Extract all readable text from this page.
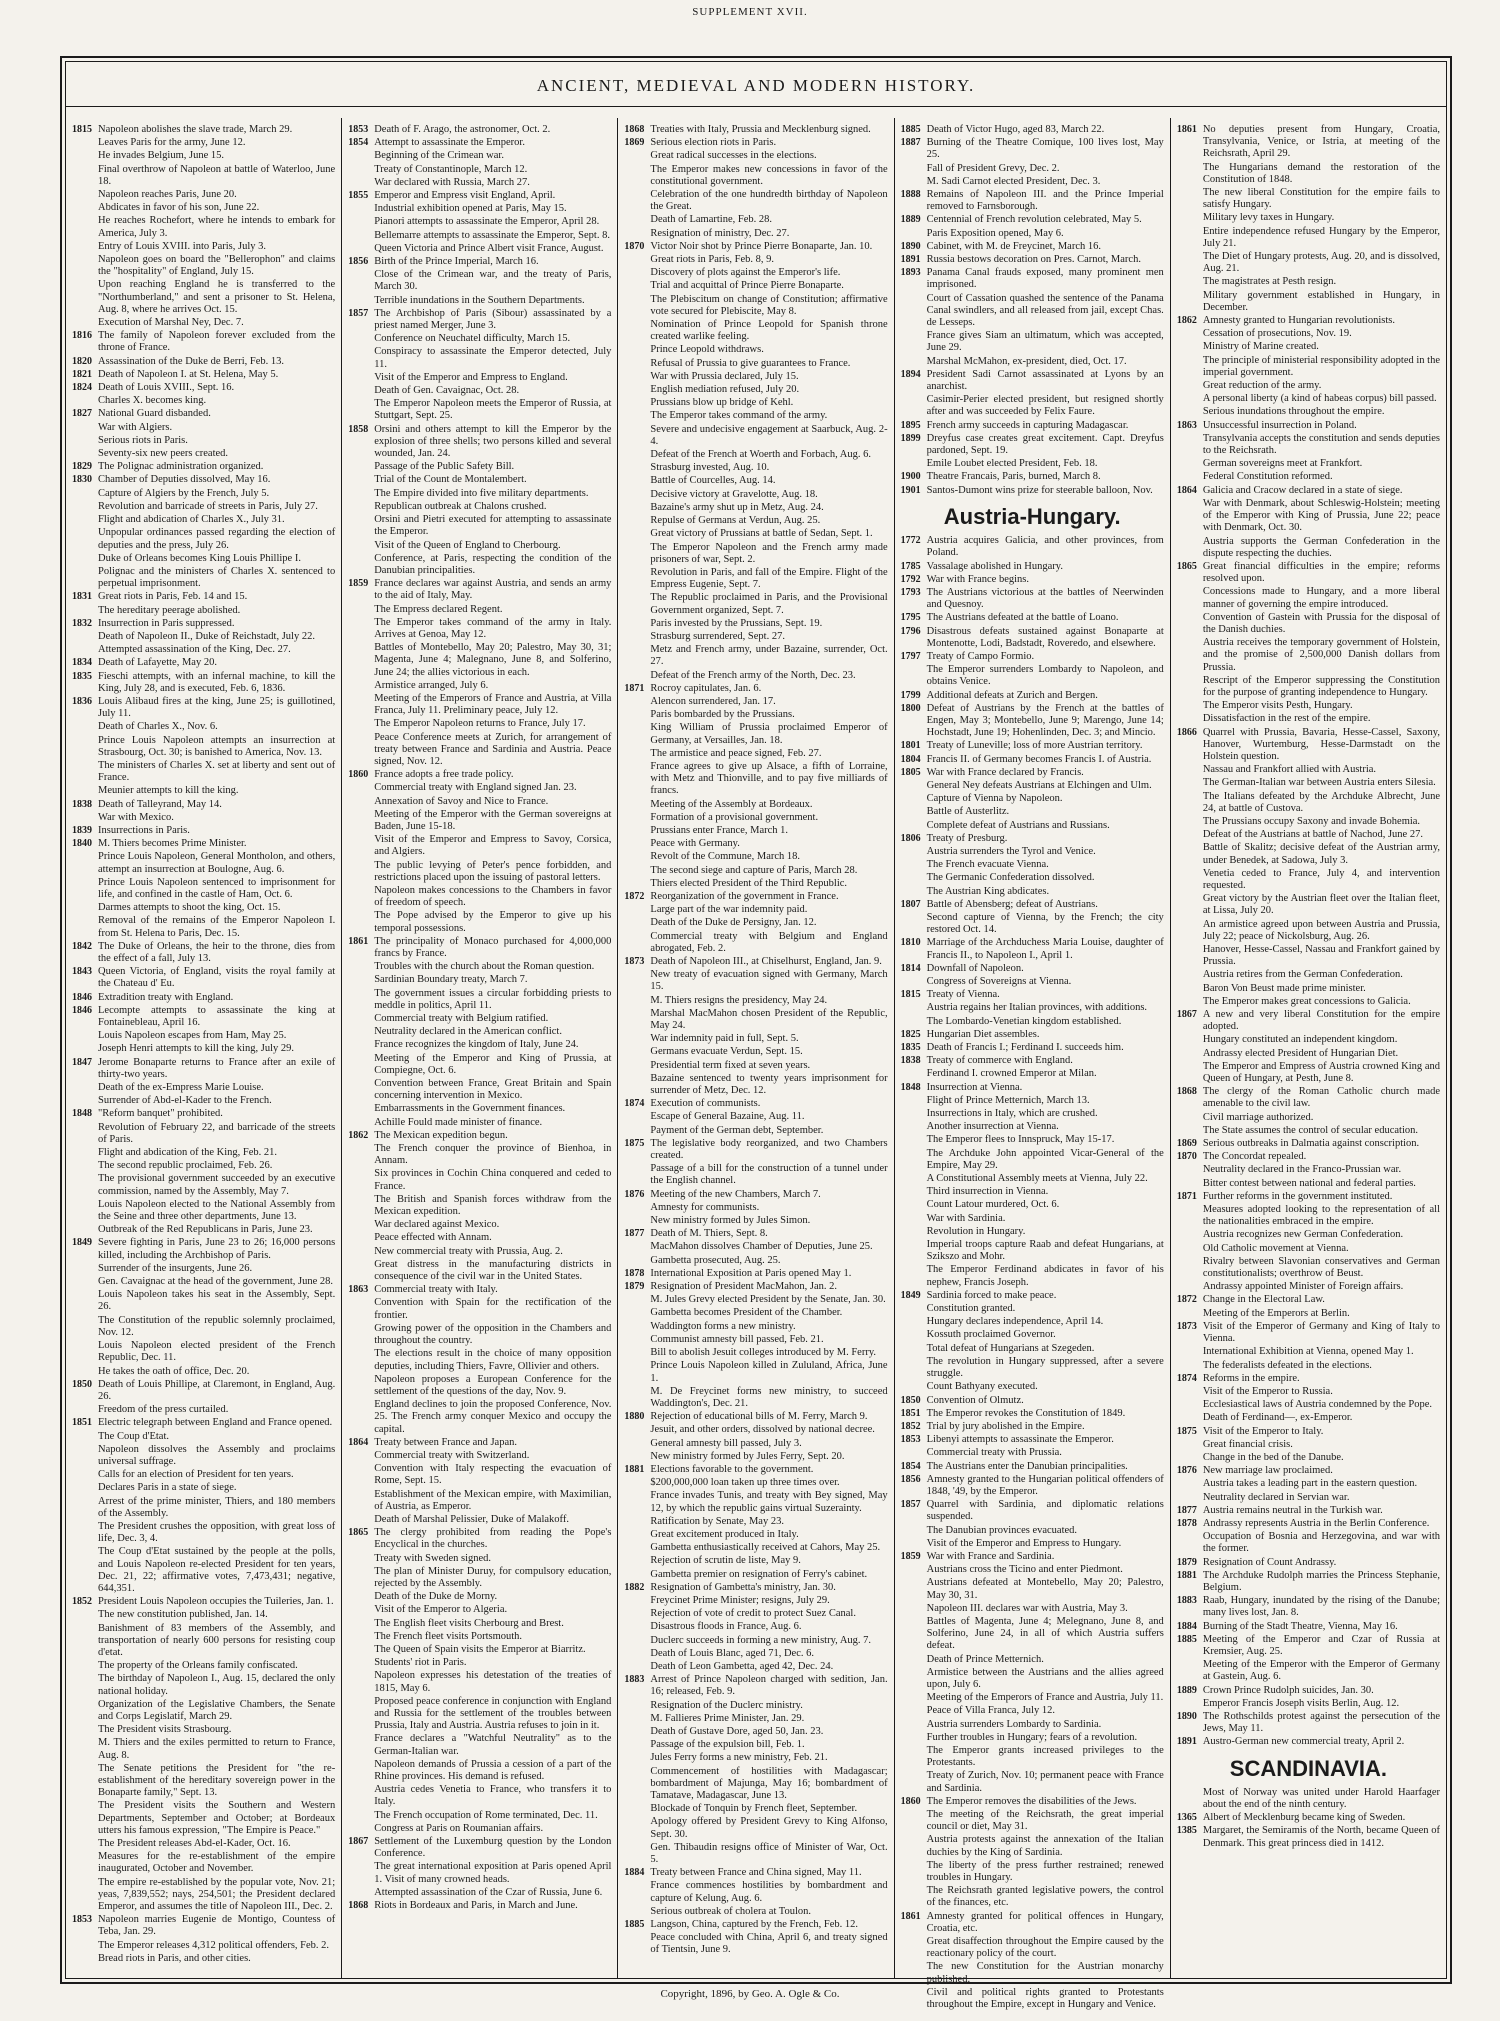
SUPPLEMENT XVII.
ANCIENT, MEDIEVAL AND MODERN HISTORY.
1815 Napoleon abolishes the slave trade, March 29.
Leaves Paris for the army, June 12.
He invades Belgium, June 15.
Final overthrow of Napoleon at battle of Waterloo, June 18.
Napoleon reaches Paris, June 20.
Abdicates in favor of his son, June 22.
He reaches Rochefort, where he intends to embark for America, July 3.
Entry of Louis XVIII. into Paris, July 3.
Napoleon goes on board the "Bellerophon" and claims the "hospitality" of England, July 15.
Upon reaching England he is transferred to the "Northumberland," and sent a prisoner to St. Helena, Aug. 8, where he arrives Oct. 15.
Execution of Marshal Ney, Dec. 7.
1816 The family of Napoleon forever excluded from the throne of France.
1820 Assassination of the Duke de Berri, Feb. 13.
1821 Death of Napoleon I. at St. Helena, May 5.
1824 Death of Louis XVIII., Sept. 16.
Charles X. becomes king.
1827 National Guard disbanded.
War with Algiers.
Serious riots in Paris.
Seventy-six new peers created.
1829 The Polignac administration organized.
1830 Chamber of Deputies dissolved, May 16.
Capture of Algiers by the French, July 5.
Revolution and barricade of streets in Paris, July 27.
Flight and abdication of Charles X., July 31.
Unpopular ordinances passed regarding the election of deputies and the press, July 26.
Duke of Orleans becomes King Louis Phillipe I.
Polignac and the ministers of Charles X. sentenced to perpetual imprisonment.
1831 Great riots in Paris, Feb. 14 and 15.
The hereditary peerage abolished.
1832 Insurrection in Paris suppressed.
Death of Napoleon II., Duke of Reichstadt, July 22.
Attempted assassination of the King, Dec. 27.
1834 Death of Lafayette, May 20.
1835 Fieschi attempts, with an infernal machine, to kill the King, July 28, and is executed, Feb. 6, 1836.
1836 Louis Alibaud fires at the king, June 25; is guillotined, July 11.
Death of Charles X., Nov. 6.
Prince Louis Napoleon attempts an insurrection at Strasbourg, Oct. 30; is banished to America, Nov. 13.
The ministers of Charles X. set at liberty and sent out of France.
Meunier attempts to kill the king.
1838 Death of Talleyrand, May 14.
War with Mexico.
1839 Insurrections in Paris.
1840 M. Thiers becomes Prime Minister.
Prince Louis Napoleon, General Montholon, and others, attempt an insurrection at Boulogne, Aug. 6.
Prince Louis Napoleon sentenced to imprisonment for life, and confined in the castle of Ham, Oct. 6.
Darmes attempts to shoot the king, Oct. 15.
Removal of the remains of the Emperor Napoleon I. from St. Helena to Paris, Dec. 15.
1842 The Duke of Orleans, the heir to the throne, dies from the effect of a fall, July 13.
1843 Queen Victoria, of England, visits the royal family at the Chateau d' Eu.
1846 Extradition treaty with England.
1846 Lecompte attempts to assassinate the king at Fontainebleau, April 16.
Louis Napoleon escapes from Ham, May 25.
Joseph Henri attempts to kill the king, July 29.
1847 Jerome Bonaparte returns to France after an exile of thirty-two years.
Death of the ex-Empress Marie Louise.
Surrender of Abd-el-Kader to the French.
1848 "Reform banquet" prohibited.
Revolution of February 22, and barricade of the streets of Paris.
Flight and abdication of the King, Feb. 21.
The second republic proclaimed, Feb. 26.
The provisional government succeeded by an executive commission, named by the Assembly, May 7.
Louis Napoleon elected to the National Assembly from the Seine and three other departments, June 13.
Outbreak of the Red Republicans in Paris, June 23.
1849 Severe fighting in Paris, June 23 to 26; 16,000 persons killed, including the Archbishop of Paris.
Surrender of the insurgents, June 26.
Gen. Cavaignac at the head of the government, June 28.
Louis Napoleon takes his seat in the Assembly, Sept. 26.
The Constitution of the republic solemnly proclaimed, Nov. 12.
Louis Napoleon elected president of the French Republic, Dec. 11.
He takes the oath of office, Dec. 20.
1850 Death of Louis Phillipe, at Claremont, in England, Aug. 26.
Freedom of the press curtailed.
1851 Electric telegraph between England and France opened.
The Coup d'Etat.
Napoleon dissolves the Assembly and proclaims universal suffrage.
Calls for an election of President for ten years.
Declares Paris in a state of siege.
Arrest of the prime minister, Thiers, and 180 members of the Assembly.
The President crushes the opposition, with great loss of life, Dec. 3, 4.
The Coup d'Etat sustained by the people at the polls, and Louis Napoleon re-elected President for ten years, Dec. 21, 22; affirmative votes, 7,473,431; negative, 644,351.
1852 President Louis Napoleon occupies the Tuileries, Jan. 1.
The new constitution published, Jan. 14.
Banishment of 83 members of the Assembly, and transportation of nearly 600 persons for resisting coup d'etat.
The property of the Orleans family confiscated.
The birthday of Napoleon I., Aug. 15, declared the only national holiday.
Organization of the Legislative Chambers, the Senate and Corps Legislatif, March 29.
The President visits Strasbourg.
M. Thiers and the exiles permitted to return to France, Aug. 8.
The Senate petitions the President for "the re-establishment of the hereditary sovereign power in the Bonaparte family," Sept. 13.
The President visits the Southern and Western Departments, September and October; at Bordeaux utters his famous expression, "The Empire is Peace."
The President releases Abd-el-Kader, Oct. 16.
Measures for the re-establishment of the empire inaugurated, October and November.
The empire re-established by the popular vote, Nov. 21; yeas, 7,839,552; nays, 254,501; the President declared Emperor, and assumes the title of Napoleon III., Dec. 2.
1853 Napoleon marries Eugenie de Montigo, Countess of Teba, Jan. 29.
The Emperor releases 4,312 political offenders, Feb. 2.
Bread riots in Paris, and other cities.
1853 Death of F. Arago, the astronomer, Oct. 2.
1854 Attempt to assassinate the Emperor.
Beginning of the Crimean war.
Treaty of Constantinople, March 12.
War declared with Russia, March 27.
1855 Emperor and Empress visit England, April.
Industrial exhibition opened at Paris, May 15.
Pianori attempts to assassinate the Emperor, April 28.
Bellemarre attempts to assassinate the Emperor, Sept. 8.
Queen Victoria and Prince Albert visit France, August.
1856 Birth of the Prince Imperial, March 16.
Close of the Crimean war, and the treaty of Paris, March 30.
Terrible inundations in the Southern Departments.
1857 The Archbishop of Paris (Sibour) assassinated by a priest named Merger, June 3.
Conference on Neuchatel difficulty, March 15.
Conspiracy to assassinate the Emperor detected, July 11.
Visit of the Emperor and Empress to England.
Death of Gen. Cavaignac, Oct. 28.
The Emperor Napoleon meets the Emperor of Russia, at Stuttgart, Sept. 25.
1858 Orsini and others attempt to kill the Emperor by the explosion of three shells; two persons killed and several wounded, Jan. 24.
Passage of the Public Safety Bill.
Trial of the Count de Montalembert.
The Empire divided into five military departments.
Republican outbreak at Chalons crushed.
Orsini and Pietri executed for attempting to assassinate the Emperor.
Visit of the Queen of England to Cherbourg.
Conference, at Paris, respecting the condition of the Danubian principalities.
1859 France declares war against Austria, and sends an army to the aid of Italy, May.
The Empress declared Regent.
The Emperor takes command of the army in Italy. Arrives at Genoa, May 12.
Battles of Montebello, May 20; Palestro, May 30, 31; Magenta, June 4; Malegnano, June 8, and Solferino, June 24; the allies victorious in each.
Armistice arranged, July 6.
Meeting of the Emperors of France and Austria, at Villa Franca, July 11. Preliminary peace, July 12.
The Emperor Napoleon returns to France, July 17.
Peace Conference meets at Zurich, for arrangement of treaty between France and Sardinia and Austria. Peace signed, Nov. 12.
1860 France adopts a free trade policy.
Commercial treaty with England signed Jan. 23.
Annexation of Savoy and Nice to France.
Meeting of the Emperor with the German sovereigns at Baden, June 15-18.
Visit of the Emperor and Empress to Savoy, Corsica, and Algiers.
The public levying of Peter's pence forbidden, and restrictions placed upon the issuing of pastoral letters.
Napoleon makes concessions to the Chambers in favor of freedom of speech.
The Pope advised by the Emperor to give up his temporal possessions.
1861 The principality of Monaco purchased for 4,000,000 francs by France.
Troubles with the church about the Roman question.
Sardinian Boundary treaty, March 7.
The government issues a circular forbidding priests to meddle in politics, April 11.
Commercial treaty with Belgium ratified.
Neutrality declared in the American conflict.
France recognizes the kingdom of Italy, June 24.
Meeting of the Emperor and King of Prussia, at Compiegne, Oct. 6.
Convention between France, Great Britain and Spain concerning intervention in Mexico.
Embarrassments in the Government finances.
Achille Fould made minister of finance.
1862 The Mexican expedition begun.
The French conquer the province of Bienhoa, in Annam.
Six provinces in Cochin China conquered and ceded to France.
The British and Spanish forces withdraw from the Mexican expedition.
War declared against Mexico.
Peace effected with Annam.
New commercial treaty with Prussia, Aug. 2.
Great distress in the manufacturing districts in consequence of the civil war in the United States.
1863 Commercial treaty with Italy.
Convention with Spain for the rectification of the frontier.
Growing power of the opposition in the Chambers and throughout the country.
The elections result in the choice of many opposition deputies, including Thiers, Favre, Ollivier and others.
Napoleon proposes a European Conference for the settlement of the questions of the day, Nov. 9.
England declines to join the proposed Conference, Nov. 25. The French army conquer Mexico and occupy the capital.
1864 Treaty between France and Japan.
Commercial treaty with Switzerland.
Convention with Italy respecting the evacuation of Rome, Sept. 15.
Establishment of the Mexican empire, with Maximilian, of Austria, as Emperor.
Death of Marshal Pelissier, Duke of Malakoff.
1865 The clergy prohibited from reading the Pope's Encyclical in the churches.
Treaty with Sweden signed.
The plan of Minister Duruy, for compulsory education, rejected by the Assembly.
Death of the Duke de Morny.
Visit of the Emperor to Algeria.
The English fleet visits Cherbourg and Brest.
The French fleet visits Portsmouth.
The Queen of Spain visits the Emperor at Biarritz.
Students' riot in Paris.
Napoleon expresses his detestation of the treaties of 1815, May 6.
Proposed peace conference in conjunction with England and Russia for the settlement of the troubles between Prussia, Italy and Austria. Austria refuses to join in it.
France declares a "Watchful Neutrality" as to the German-Italian war.
Napoleon demands of Prussia a cession of a part of the Rhine provinces. His demand is refused.
Austria cedes Venetia to France, who transfers it to Italy.
The French occupation of Rome terminated, Dec. 11.
Congress at Paris on Roumanian affairs.
1867 Settlement of the Luxemburg question by the London Conference.
The great international exposition at Paris opened April 1. Visit of many crowned heads.
Attempted assassination of the Czar of Russia, June 6.
1868 Riots in Bordeaux and Paris, in March and June.
1868 Treaties with Italy, Prussia and Mecklenburg signed.
1869 Serious election riots in Paris.
Great radical successes in the elections.
The Emperor makes new concessions in favor of the constitutional government.
Celebration of the one hundredth birthday of Napoleon the Great.
Death of Lamartine, Feb. 28.
Resignation of ministry, Dec. 27.
1870 Victor Noir shot by Prince Pierre Bonaparte, Jan. 10.
Great riots in Paris, Feb. 8, 9.
Discovery of plots against the Emperor's life.
Trial and acquittal of Prince Pierre Bonaparte.
The Plebiscitum on change of Constitution; affirmative vote secured for Plebiscite, May 8.
Nomination of Prince Leopold for Spanish throne created warlike feeling.
Prince Leopold withdraws.
Refusal of Prussia to give guarantees to France.
War with Prussia declared, July 15.
English mediation refused, July 20.
Prussians blow up bridge of Kehl.
The Emperor takes command of the army.
Severe and undecisive engagement at Saarbuck, Aug. 2-4.
Defeat of the French at Woerth and Forbach, Aug. 6.
Strasburg invested, Aug. 10.
Battle of Courcelles, Aug. 14.
Decisive victory at Gravelotte, Aug. 18.
Bazaine's army shut up in Metz, Aug. 24.
Repulse of Germans at Verdun, Aug. 25.
Great victory of Prussians at battle of Sedan, Sept. 1.
The Emperor Napoleon and the French army made prisoners of war, Sept. 2.
Revolution in Paris, and fall of the Empire. Flight of the Empress Eugenie, Sept. 7.
The Republic proclaimed in Paris, and the Provisional Government organized, Sept. 7.
Paris invested by the Prussians, Sept. 19.
Strasburg surrendered, Sept. 27.
Metz and French army, under Bazaine, surrender, Oct. 27.
Defeat of the French army of the North, Dec. 23.
1871 Rocroy capitulates, Jan. 6.
Alencon surrendered, Jan. 17.
Paris bombarded by the Prussians.
King William of Prussia proclaimed Emperor of Germany, at Versailles, Jan. 18.
The armistice and peace signed, Feb. 27.
France agrees to give up Alsace, a fifth of Lorraine, with Metz and Thionville, and to pay five milliards of francs.
Meeting of the Assembly at Bordeaux.
Formation of a provisional government.
Prussians enter France, March 1.
Peace with Germany.
Revolt of the Commune, March 18.
The second siege and capture of Paris, March 28.
Thiers elected President of the Third Republic.
1872 Reorganization of the government in France.
Large part of the war indemnity paid.
Death of the Duke de Persigny, Jan. 12.
Commercial treaty with Belgium and England abrogated, Feb. 2.
1873 Death of Napoleon III., at Chiselhurst, England, Jan. 9.
New treaty of evacuation signed with Germany, March 15.
M. Thiers resigns the presidency, May 24.
Marshal MacMahon chosen President of the Republic, May 24.
War indemnity paid in full, Sept. 5.
Germans evacuate Verdun, Sept. 15.
Presidential term fixed at seven years.
Bazaine sentenced to twenty years imprisonment for surrender of Metz, Dec. 12.
1874 Execution of communists.
Escape of General Bazaine, Aug. 11.
Payment of the German debt, September.
1875 The legislative body reorganized, and two Chambers created.
Passage of a bill for the construction of a tunnel under the English channel.
1876 Meeting of the new Chambers, March 7.
Amnesty for communists.
New ministry formed by Jules Simon.
1877 Death of M. Thiers, Sept. 8.
MacMahon dissolves Chamber of Deputies, June 25.
Gambetta prosecuted, Aug. 25.
1878 International Exposition at Paris opened May 1.
1879 Resignation of President MacMahon, Jan. 2.
M. Jules Grevy elected President by the Senate, Jan. 30.
Gambetta becomes President of the Chamber.
Waddington forms a new ministry.
Communist amnesty bill passed, Feb. 21.
Bill to abolish Jesuit colleges introduced by M. Ferry.
Prince Louis Napoleon killed in Zululand, Africa, June 1.
M. De Freycinet forms new ministry, to succeed Waddington's, Dec. 21.
1880 Rejection of educational bills of M. Ferry, March 9.
Jesuit, and other orders, dissolved by national decree.
General amnesty bill passed, July 3.
New ministry formed by Jules Ferry, Sept. 20.
1881 Elections favorable to the government.
$200,000,000 loan taken up three times over.
France invades Tunis, and treaty with Bey signed, May 12, by which the republic gains virtual Suzerainty.
Ratification by Senate, May 23.
Great excitement produced in Italy.
Gambetta enthusiastically received at Cahors, May 25.
Rejection of scrutin de liste, May 9.
Gambetta premier on resignation of Ferry's cabinet.
1882 Resignation of Gambetta's ministry, Jan. 30.
Freycinet Prime Minister; resigns, July 29.
Rejection of vote of credit to protect Suez Canal.
Disastrous floods in France, Aug. 6.
Duclerc succeeds in forming a new ministry, Aug. 7.
Death of Louis Blanc, aged 71, Dec. 6.
Death of Leon Gambetta, aged 42, Dec. 24.
1883 Arrest of Prince Napoleon charged with sedition, Jan. 16; released, Feb. 9.
Resignation of the Duclerc ministry.
M. Fallieres Prime Minister, Jan. 29.
Death of Gustave Dore, aged 50, Jan. 23.
Passage of the expulsion bill, Feb. 1.
Jules Ferry forms a new ministry, Feb. 21.
Commencement of hostilities with Madagascar; bombardment of Majunga, May 16; bombardment of Tamatave, Madagascar, June 13.
Blockade of Tonquin by French fleet, September.
Apology offered by President Grevy to King Alfonso, Sept. 30.
Gen. Thibaudin resigns office of Minister of War, Oct. 5.
1884 Treaty between France and China signed, May 11.
France commences hostilities by bombardment and capture of Kelung, Aug. 6.
Serious outbreak of cholera at Toulon.
1885 Langson, China, captured by the French, Feb. 12.
Peace concluded with China, April 6, and treaty signed of Tientsin, June 9.
1885 Death of Victor Hugo, aged 83, March 22.
1887 Burning of the Theatre Comique, 100 lives lost, May 25.
Fall of President Grevy, Dec. 2.
M. Sadi Carnot elected President, Dec. 3.
1888 Remains of Napoleon III. and the Prince Imperial removed to Farnsborough.
1889 Centennial of French revolution celebrated, May 5.
Paris Exposition opened, May 6.
1890 Cabinet, with M. de Freycinet, March 16.
1891 Russia bestows decoration on Pres. Carnot, March.
1893 Panama Canal frauds exposed, many prominent men imprisoned.
Court of Cassation quashed the sentence of the Panama Canal swindlers, and all released from jail, except Chas. de Lesseps.
France gives Siam an ultimatum, which was accepted, June 29.
Marshal McMahon, ex-president, died, Oct. 17.
1894 President Sadi Carnot assassinated at Lyons by an anarchist.
Casimir-Perier elected president, but resigned shortly after and was succeeded by Felix Faure.
1895 French army succeeds in capturing Madagascar.
1899 Dreyfus case creates great excitement. Capt. Dreyfus pardoned, Sept. 19.
Emile Loubet elected President, Feb. 18.
1900 Theatre Francais, Paris, burned, March 8.
1901 Santos-Dumont wins prize for steerable balloon, Nov.
Austria-Hungary.
1772 Austria acquires Galicia, and other provinces, from Poland.
1785 Vassalage abolished in Hungary.
1792 War with France begins.
1793 The Austrians victorious at the battles of Neerwinden and Quesnoy.
1795 The Austrians defeated at the battle of Loano.
1796 Disastrous defeats sustained against Bonaparte at Montenotte, Lodi, Badstadt, Roveredo, and elsewhere.
1797 Treaty of Campo Formio.
The Emperor surrenders Lombardy to Napoleon, and obtains Venice.
1799 Additional defeats at Zurich and Bergen.
1800 Defeat of Austrians by the French at the battles of Engen, May 3; Montebello, June 9; Marengo, June 14; Hochstadt, June 19; Hohenlinden, Dec. 3; and Mincio.
1801 Treaty of Luneville; loss of more Austrian territory.
1804 Francis II. of Germany becomes Francis I. of Austria.
1805 War with France declared by Francis.
General Ney defeats Austrians at Elchingen and Ulm.
Capture of Vienna by Napoleon.
Battle of Austerlitz.
Complete defeat of Austrians and Russians.
1806 Treaty of Presburg.
Austria surrenders the Tyrol and Venice.
The French evacuate Vienna.
The Germanic Confederation dissolved.
The Austrian King abdicates.
1807 Battle of Abensberg; defeat of Austrians.
Second capture of Vienna, by the French; the city restored Oct. 14.
1810 Marriage of the Archduchess Maria Louise, daughter of Francis II., to Napoleon I., April 1.
1814 Downfall of Napoleon.
Congress of Sovereigns at Vienna.
1815 Treaty of Vienna.
Austria regains her Italian provinces, with additions.
The Lombardo-Venetian kingdom established.
1825 Hungarian Diet assembles.
1835 Death of Francis I.; Ferdinand I. succeeds him.
1838 Treaty of commerce with England.
Ferdinand I. crowned Emperor at Milan.
1848 Insurrection at Vienna.
Flight of Prince Metternich, March 13.
Insurrections in Italy, which are crushed.
Another insurrection at Vienna.
The Emperor flees to Innspruck, May 15-17.
The Archduke John appointed Vicar-General of the Empire, May 29.
A Constitutional Assembly meets at Vienna, July 22.
Third insurrection in Vienna.
Count Latour murdered, Oct. 6.
War with Sardinia.
Revolution in Hungary.
Imperial troops capture Raab and defeat Hungarians, at Szikszo and Mohr.
The Emperor Ferdinand abdicates in favor of his nephew, Francis Joseph.
1849 Sardinia forced to make peace.
Constitution granted.
Hungary declares independence, April 14.
Kossuth proclaimed Governor.
Total defeat of Hungarians at Szegeden.
The revolution in Hungary suppressed, after a severe struggle.
Count Bathyany executed.
1850 Convention of Olmutz.
1851 The Emperor revokes the Constitution of 1849.
1852 Trial by jury abolished in the Empire.
1853 Libenyi attempts to assassinate the Emperor.
Commercial treaty with Prussia.
1854 The Austrians enter the Danubian principalities.
1856 Amnesty granted to the Hungarian political offenders of 1848, '49, by the Emperor.
1857 Quarrel with Sardinia, and diplomatic relations suspended.
The Danubian provinces evacuated.
Visit of the Emperor and Empress to Hungary.
1859 War with France and Sardinia.
Austrians cross the Ticino and enter Piedmont.
Austrians defeated at Montebello, May 20; Palestro, May 30, 31.
Napoleon III. declares war with Austria, May 3.
Battles of Magenta, June 4; Melegnano, June 8, and Solferino, June 24, in all of which Austria suffers defeat.
Death of Prince Metternich.
Armistice between the Austrians and the allies agreed upon, July 6.
Meeting of the Emperors of France and Austria, July 11.
Peace of Villa Franca, July 12.
Austria surrenders Lombardy to Sardinia.
Further troubles in Hungary; fears of a revolution.
The Emperor grants increased privileges to the Protestants.
Treaty of Zurich, Nov. 10; permanent peace with France and Sardinia.
1860 The Emperor removes the disabilities of the Jews.
The meeting of the Reichsrath, the great imperial council or diet, May 31.
Austria protests against the annexation of the Italian duchies by the King of Sardinia.
The liberty of the press further restrained; renewed troubles in Hungary.
The Reichsrath granted legislative powers, the control of the finances, etc.
1861 Amnesty granted for political offences in Hungary, Croatia, etc.
Great disaffection throughout the Empire caused by the reactionary policy of the court.
The new Constitution for the Austrian monarchy published.
Civil and political rights granted to Protestants throughout the Empire, except in Hungary and Venice.
1861 No deputies present from Hungary, Croatia, Transylvania, Venice, or Istria, at meeting of the Reichsrath, April 29.
The Hungarians demand the restoration of the Constitution of 1848.
The new liberal Constitution for the empire fails to satisfy Hungary.
Military levy taxes in Hungary.
Entire independence refused Hungary by the Emperor, July 21.
The Diet of Hungary protests, Aug. 20, and is dissolved, Aug. 21.
The magistrates at Pesth resign.
Military government established in Hungary, in December.
1862 Amnesty granted to Hungarian revolutionists.
Cessation of prosecutions, Nov. 19.
Ministry of Marine created.
The principle of ministerial responsibility adopted in the imperial government.
Great reduction of the army.
A personal liberty (a kind of habeas corpus) bill passed.
Serious inundations throughout the empire.
1863 Unsuccessful insurrection in Poland.
Transylvania accepts the constitution and sends deputies to the Reichsrath.
German sovereigns meet at Frankfort.
Federal Constitution reformed.
1864 Galicia and Cracow declared in a state of siege.
War with Denmark, about Schleswig-Holstein; meeting of the Emperor with King of Prussia, June 22; peace with Denmark, Oct. 30.
Austria supports the German Confederation in the dispute respecting the duchies.
1865 Great financial difficulties in the empire; reforms resolved upon.
Concessions made to Hungary, and a more liberal manner of governing the empire introduced.
Convention of Gastein with Prussia for the disposal of the Danish duchies.
Austria receives the temporary government of Holstein, and the promise of 2,500,000 Danish dollars from Prussia.
Rescript of the Emperor suppressing the Constitution for the purpose of granting independence to Hungary.
The Emperor visits Pesth, Hungary.
Dissatisfaction in the rest of the empire.
1866 Quarrel with Prussia, Bavaria, Hesse-Cassel, Saxony, Hanover, Wurtemburg, Hesse-Darmstadt on the Holstein question.
Nassau and Frankfort allied with Austria.
The German-Italian war between Austria enters Silesia.
The Italians defeated by the Archduke Albrecht, June 24, at battle of Custova.
The Prussians occupy Saxony and invade Bohemia.
Defeat of the Austrians at battle of Nachod, June 27.
Battle of Skalitz; decisive defeat of the Austrian army, under Benedek, at Sadowa, July 3.
Venetia ceded to France, July 4, and intervention requested.
Great victory by the Austrian fleet over the Italian fleet, at Lissa, July 20.
An armistice agreed upon between Austria and Prussia, July 22; peace of Nickolsburg, Aug. 26.
Hanover, Hesse-Cassel, Nassau and Frankfort gained by Prussia.
Austria retires from the German Confederation.
Baron Von Beust made prime minister.
The Emperor makes great concessions to Galicia.
1867 A new and very liberal Constitution for the empire adopted.
Hungary constituted an independent kingdom.
Andrassy elected President of Hungarian Diet.
The Emperor and Empress of Austria crowned King and Queen of Hungary, at Pesth, June 8.
1868 The clergy of the Roman Catholic church made amenable to the civil law.
Civil marriage authorized.
The State assumes the control of secular education.
1869 Serious outbreaks in Dalmatia against conscription.
1870 The Concordat repealed.
Neutrality declared in the Franco-Prussian war.
Bitter contest between national and federal parties.
1871 Further reforms in the government instituted.
Measures adopted looking to the representation of all the nationalities embraced in the empire.
Austria recognizes new German Confederation.
Old Catholic movement at Vienna.
Rivalry between Slavonian conservatives and German constitutionalists; overthrow of Beust.
Andrassy appointed Minister of Foreign affairs.
1872 Change in the Electoral Law.
Meeting of the Emperors at Berlin.
1873 Visit of the Emperor of Germany and King of Italy to Vienna.
International Exhibition at Vienna, opened May 1.
The federalists defeated in the elections.
1874 Reforms in the empire.
Visit of the Emperor to Russia.
Ecclesiastical laws of Austria condemned by the Pope.
Death of Ferdinand—, ex-Emperor.
1875 Visit of the Emperor to Italy.
Great financial crisis.
Change in the bed of the Danube.
1876 New marriage law proclaimed.
Austria takes a leading part in the eastern question.
Neutrality declared in Servian war.
1877 Austria remains neutral in the Turkish war.
1878 Andrassy represents Austria in the Berlin Conference.
Occupation of Bosnia and Herzegovina, and war with the former.
1879 Resignation of Count Andrassy.
1881 The Archduke Rudolph marries the Princess Stephanie, Belgium.
1883 Raab, Hungary, inundated by the rising of the Danube; many lives lost, Jan. 8.
1884 Burning of the Stadt Theatre, Vienna, May 16.
1885 Meeting of the Emperor and Czar of Russia at Kremsier, Aug. 25.
Meeting of the Emperor with the Emperor of Germany at Gastein, Aug. 6.
1889 Crown Prince Rudolph suicides, Jan. 30.
Emperor Francis Joseph visits Berlin, Aug. 12.
1890 The Rothschilds protest against the persecution of the Jews, May 11.
1891 Austro-German new commercial treaty, April 2.
SCANDINAVIA.
Most of Norway was united under Harold Haarfager about the end of the ninth century.
1365 Albert of Mecklenburg became king of Sweden.
1385 Margaret, the Semiramis of the North, became Queen of Denmark. This great princess died in 1412.
Copyright, 1896, by Geo. A. Ogle & Co.
